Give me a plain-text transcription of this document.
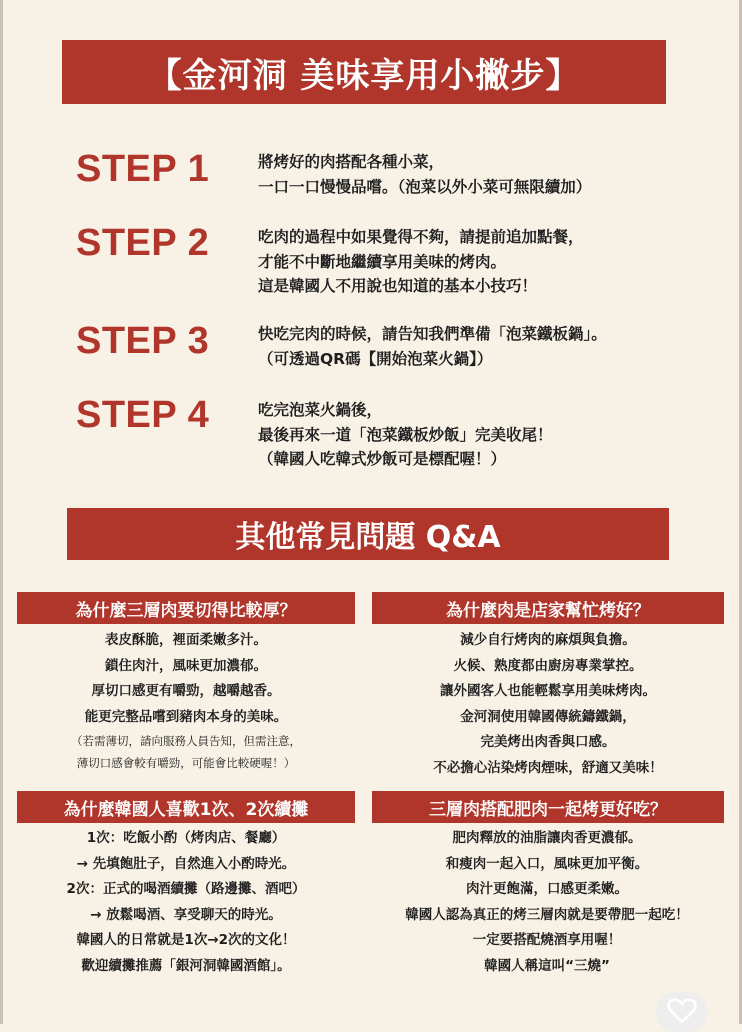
【金河洞 美味享用小撇步】
STEP 1	將烤好的肉搭配各種小菜，
一口一口慢慢品嚐。（泡菜以外小菜可無限續加）
STEP 2	吃肉的過程中如果覺得不夠，請提前追加點餐，
才能不中斷地繼續享用美味的烤肉。
這是韓國人不用說也知道的基本小技巧！
STEP 3	快吃完肉的時候，請告知我們準備「泡菜鐵板鍋」。
（可透過QR碼【開始泡菜火鍋】）
STEP 4	吃完泡菜火鍋後，
最後再來一道「泡菜鐵板炒飯」完美收尾！
（韓國人吃韓式炒飯可是標配喔！）
其他常見問題 Q&A
為什麼三層肉要切得比較厚？
表皮酥脆，裡面柔嫩多汁。
鎖住肉汁，風味更加濃郁。
厚切口感更有嚼勁，越嚼越香。
能更完整品嚐到豬肉本身的美味。
（若需薄切，請向服務人員告知，但需注意，
薄切口感會較有嚼勁，可能會比較硬喔！）
為什麼肉是店家幫忙烤好？
減少自行烤肉的麻煩與負擔。
火候、熟度都由廚房專業掌控。
讓外國客人也能輕鬆享用美味烤肉。
金河洞使用韓國傳統鑄鐵鍋，
完美烤出肉香與口感。
不必擔心沾染烤肉煙味，舒適又美味！
為什麼韓國人喜歡1次、2次續攤
1次：吃飯小酌（烤肉店、餐廳）
→ 先填飽肚子，自然進入小酌時光。
2次：正式的喝酒續攤（路邊攤、酒吧）
→ 放鬆喝酒、享受聊天的時光。
韓國人的日常就是1次→2次的文化！
歡迎續攤推薦「銀河洞韓國酒館」。
三層肉搭配肥肉一起烤更好吃？
肥肉釋放的油脂讓肉香更濃郁。
和瘦肉一起入口，風味更加平衡。
肉汁更飽滿，口感更柔嫩。
韓國人認為真正的烤三層肉就是要帶肥一起吃！
一定要搭配燒酒享用喔！
韓國人稱這叫“三燒”
